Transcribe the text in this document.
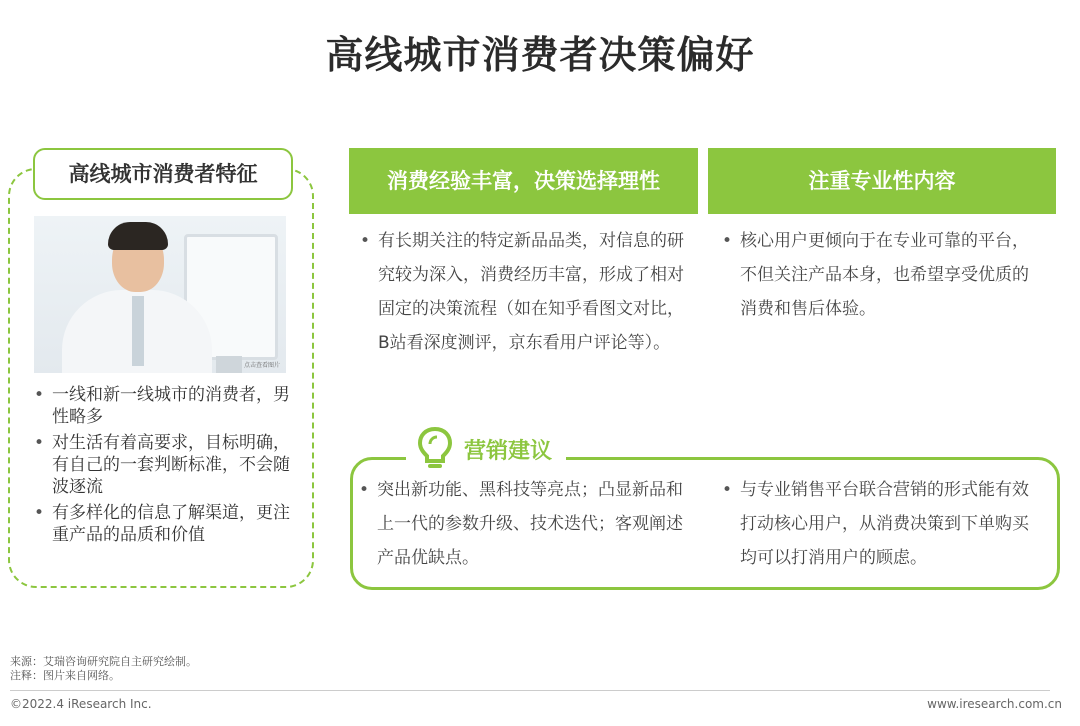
高线城市消费者决策偏好
高线城市消费者特征
点击查看图片
• 一线和新一线城市的消费者，男性略多
• 对生活有着高要求，目标明确，有自己的一套判断标准，不会随波逐流
• 有多样化的信息了解渠道，更注重产品的品质和价值
消费经验丰富，决策选择理性	注重专业性内容
• 有长期关注的特定新品品类，对信息的研究较为深入，消费经历丰富，形成了相对固定的决策流程（如在知乎看图文对比，B站看深度测评，京东看用户评论等）。
• 核心用户更倾向于在专业可靠的平台，不但关注产品本身，也希望享受优质的消费和售后体验。
营销建议
• 突出新功能、黑科技等亮点；凸显新品和上一代的参数升级、技术迭代；客观阐述产品优缺点。
• 与专业销售平台联合营销的形式能有效打动核心用户，从消费决策到下单购买均可以打消用户的顾虑。
来源：艾瑞咨询研究院自主研究绘制。
注释：图片来自网络。
©2022.4 iResearch Inc.	www.iresearch.com.cn
